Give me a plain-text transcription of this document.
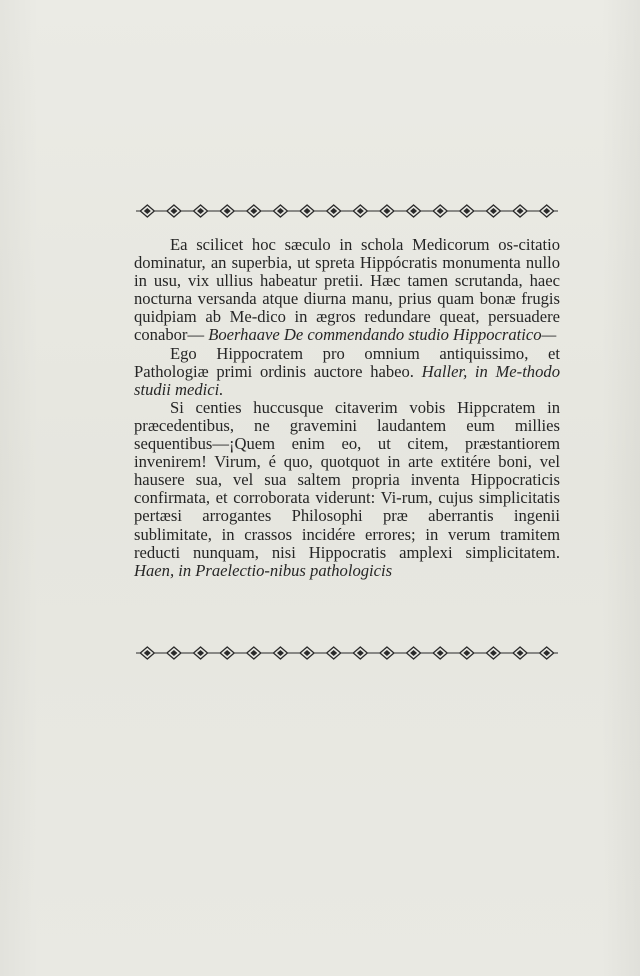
Ea scilicet hoc sæculo in schola Medicorum os-citatio dominatur, an superbia, ut spreta Hippócratis monumenta nullo in usu, vix ullius habeatur pretii. Hæc tamen scrutanda, haec nocturna versanda atque diurna manu, prius quam bonæ frugis quidpiam ab Me-dico in ægros redundare queat, persuadere conabor— Boerhaave De commendando studio Hippocratico—

Ego Hippocratem pro omnium antiquissimo, et Pathologiæ primi ordinis auctore habeo. Haller, in Me-thodo studii medici.

Si centies huccusque citaverim vobis Hippcratem in præcedentibus, ne gravemini laudantem eum millies sequentibus—¡Quem enim eo, ut citem, præstantiorem invenirem! Virum, é quo, quotquot in arte extitére boni, vel hausere sua, vel sua saltem propria inventa Hippocraticis confirmata, et corroborata viderunt: Vi-rum, cujus simplicitatis pertæsi arrogantes Philosophi præ aberrantis ingenii sublimitate, in crassos incidére errores; in verum tramitem reducti nunquam, nisi Hippocratis amplexi simplicitatem. Haen, in Praelectio-nibus pathologicis
